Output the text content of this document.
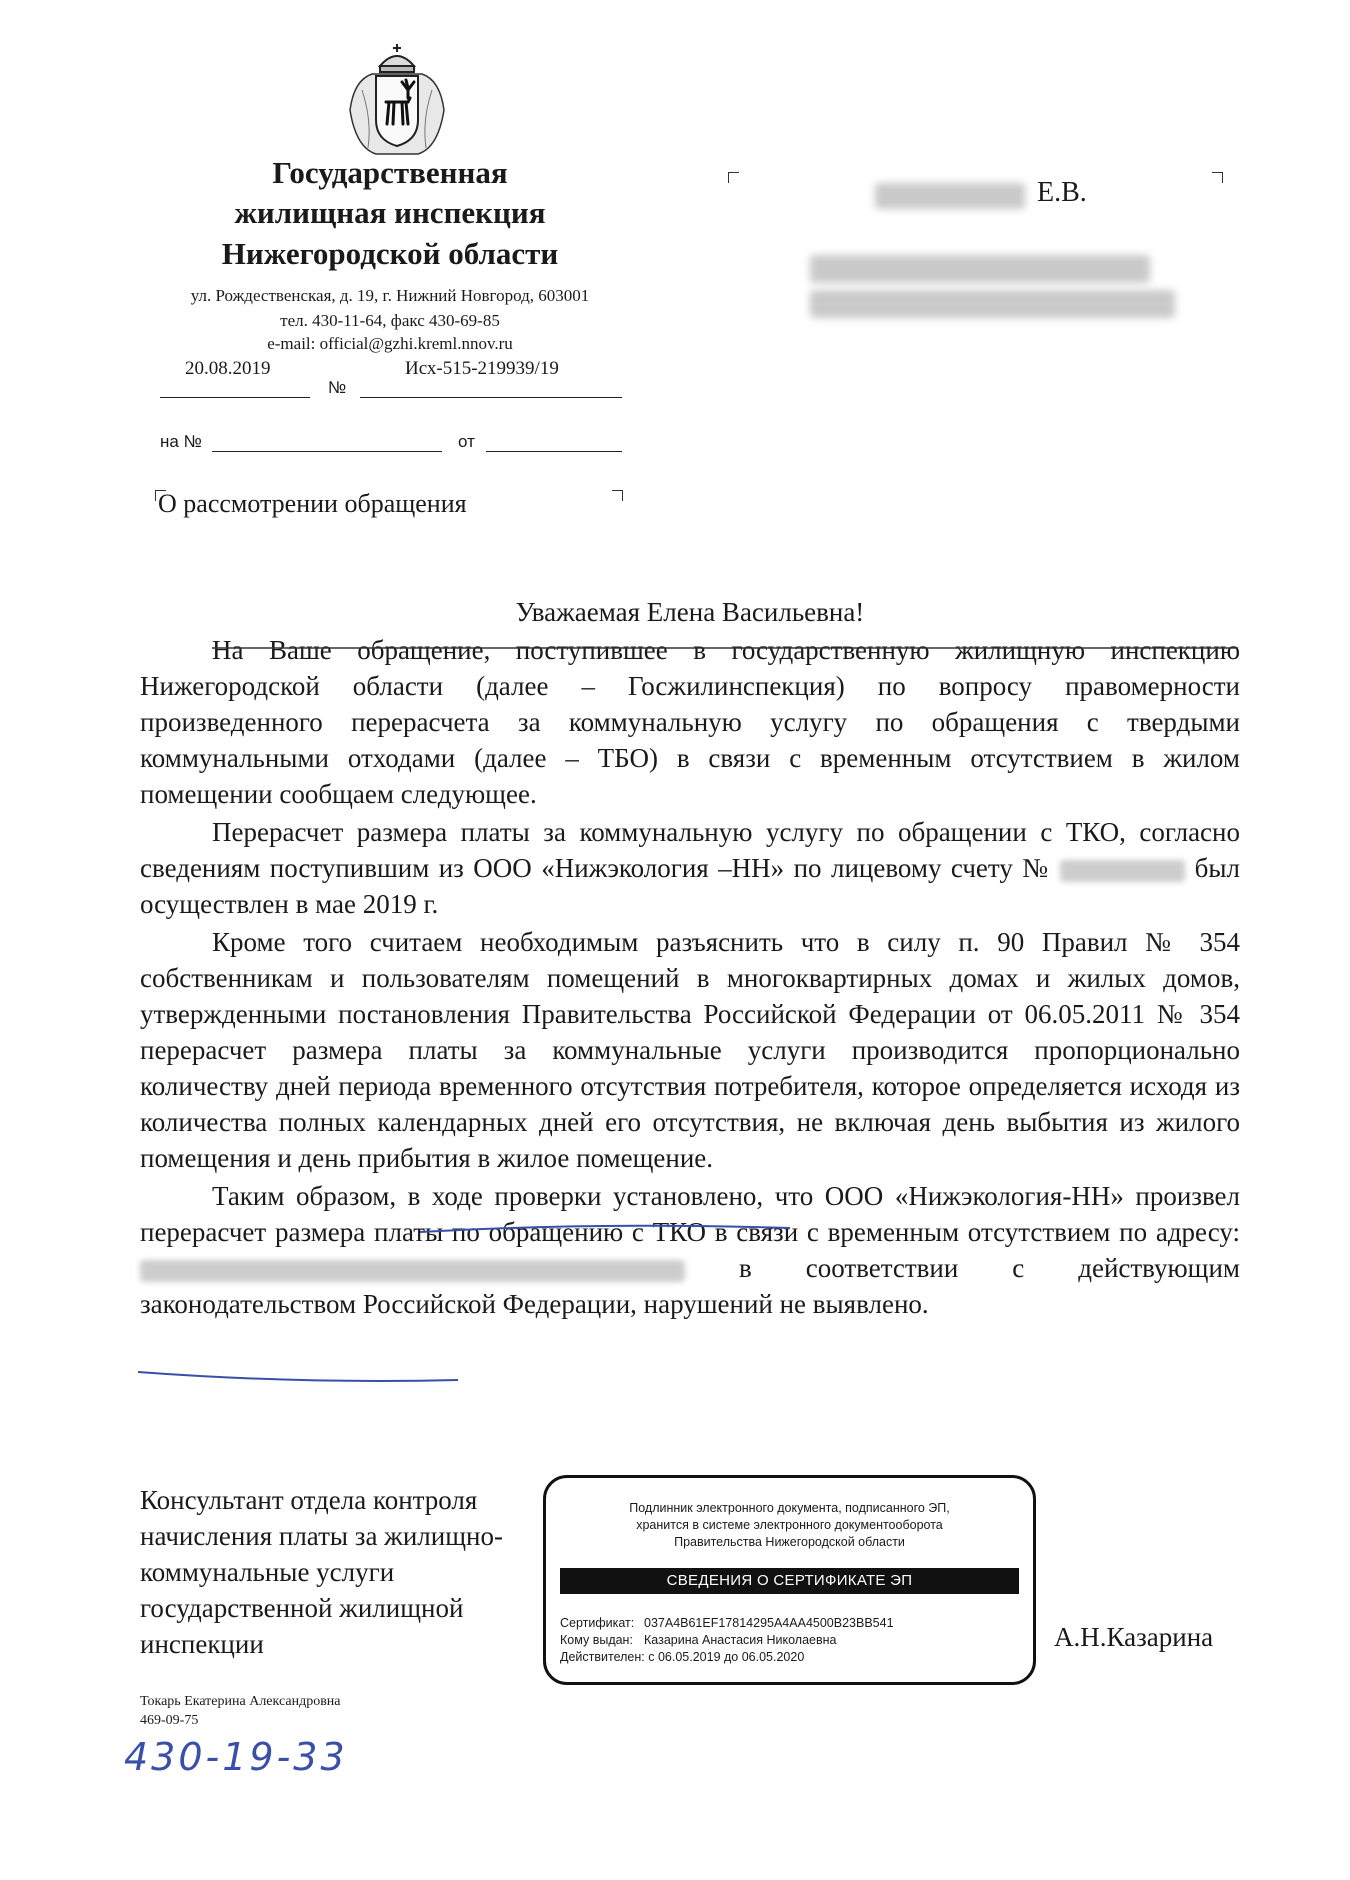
Государственная
жилищная инспекция
Нижегородской области
ул. Рождественская, д. 19, г. Нижний Новгород, 603001
тел. 430-11-64, факс 430-69-85
e-mail: official@gzhi.kreml.nnov.ru
20.08.2019
№
Исх-515-219939/19
на №	от
О рассмотрении обращения
Е.В.
Уважаемая Елена Васильевна!

На Ваше обращение, поступившее в государственную жилищную инспекцию Нижегородской области (далее – Госжилинспекция) по вопросу правомерности произведенного перерасчета за коммунальную услугу по обращения с твердыми коммунальными отходами (далее – ТБО) в связи с временным отсутствием в жилом помещении сообщаем следующее.

Перерасчет размера платы за коммунальную услугу по обращении с ТКО, согласно сведениям поступившим из ООО «Нижэкология –НН» по лицевому счету №	был осуществлен в мае 2019 г.

Кроме того считаем необходимым разъяснить что в силу п. 90 Правил № 354 собственникам и пользователям помещений в многоквартирных домах и жилых домов, утвержденными постановления Правительства Российской Федерации от 06.05.2011 № 354 перерасчет размера платы за коммунальные услуги производится пропорционально количеству дней периода временного отсутствия потребителя, которое определяется исходя из количества полных календарных дней его отсутствия, не включая день выбытия из жилого помещения и день прибытия в жилое помещение.

Таким образом, в ходе проверки установлено, что ООО «Нижэкология-НН» произвел перерасчет размера платы по обращению с ТКО в связи с временным отсутствием по адресу:  в соответствии с действующим законодательством Российской Федерации, нарушений не выявлено.

Консультант отдела контроля начисления платы за жилищно-коммунальные услуги государственной жилищной инспекции	А.Н.Казарина
Подлинник электронного документа, подписанного ЭП,
хранится в системе электронного документооборота
Правительства Нижегородской области
СВЕДЕНИЯ О СЕРТИФИКАТЕ ЭП
Сертификат: 037A4B61EF17814295A4AA4500B23BB541
Кому выдан: Казарина Анастасия Николаевна
Действителен: с 06.05.2019 до 06.05.2020
Токарь Екатерина Александровна
469-09-75
430-19-33
